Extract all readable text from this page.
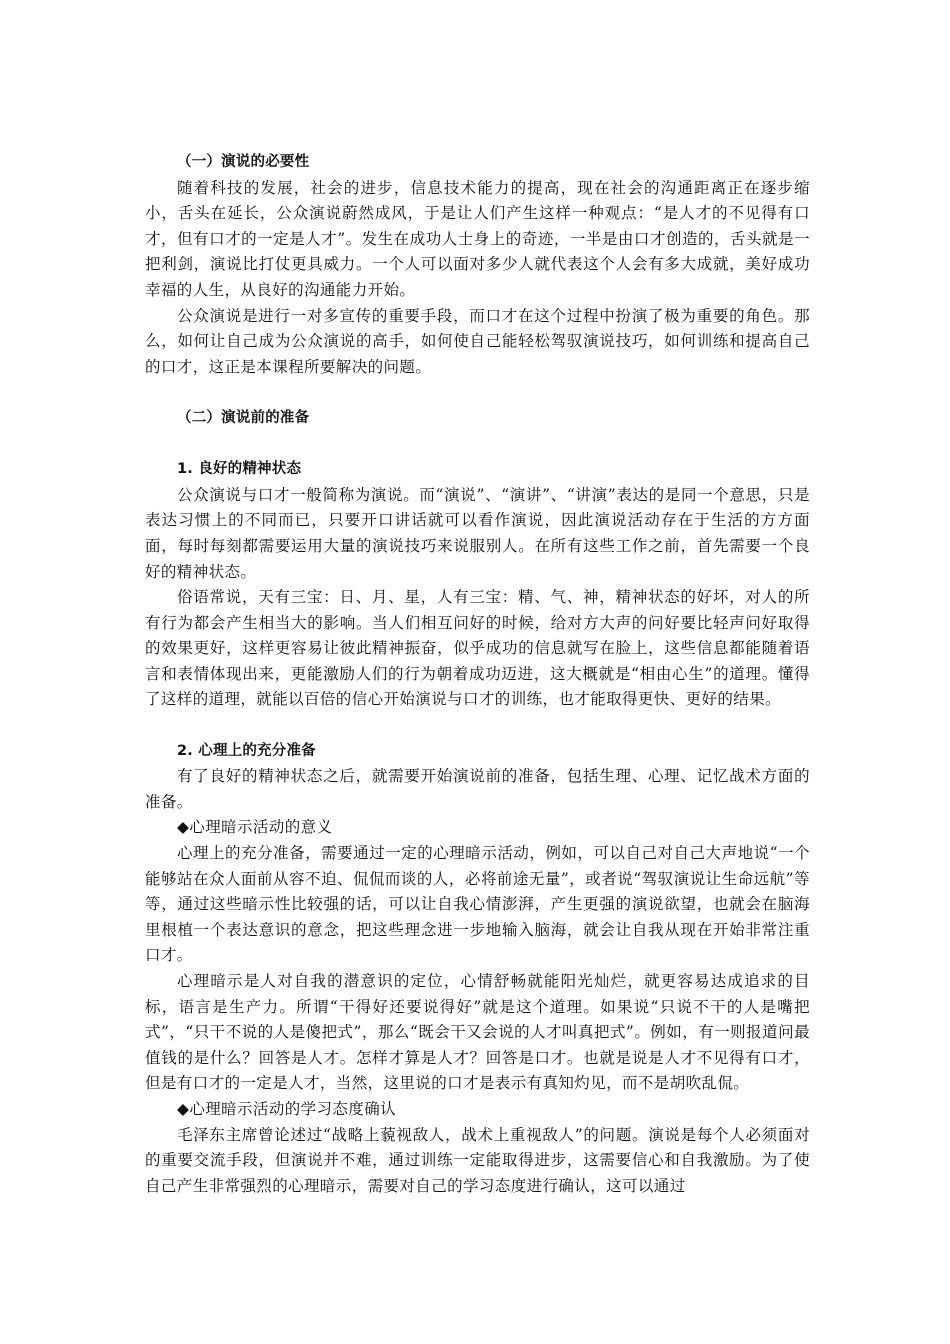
（一）演说的必要性

随着科技的发展，社会的进步，信息技术能力的提高，现在社会的沟通距离正在逐步缩小，舌头在延长，公众演说蔚然成风，于是让人们产生这样一种观点：“是人才的不见得有口才，但有口才的一定是人才”。发生在成功人士身上的奇迹，一半是由口才创造的，舌头就是一把利剑，演说比打仗更具威力。一个人可以面对多少人就代表这个人会有多大成就，美好成功幸福的人生，从良好的沟通能力开始。

公众演说是进行一对多宣传的重要手段，而口才在这个过程中扮演了极为重要的角色。那么，如何让自己成为公众演说的高手，如何使自己能轻松驾驭演说技巧，如何训练和提高自己的口才，这正是本课程所要解决的问题。

（二）演说前的准备
1. 良好的精神状态

公众演说与口才一般简称为演说。而“演说”、“演讲”、“讲演”表达的是同一个意思，只是表达习惯上的不同而已，只要开口讲话就可以看作演说，因此演说活动存在于生活的方方面面，每时每刻都需要运用大量的演说技巧来说服别人。在所有这些工作之前，首先需要一个良好的精神状态。

俗语常说，天有三宝：日、月、星，人有三宝：精、气、神，精神状态的好坏，对人的所有行为都会产生相当大的影响。当人们相互问好的时候，给对方大声的问好要比轻声问好取得的效果更好，这样更容易让彼此精神振奋，似乎成功的信息就写在脸上，这些信息都能随着语言和表情体现出来，更能激励人们的行为朝着成功迈进，这大概就是“相由心生”的道理。懂得了这样的道理，就能以百倍的信心开始演说与口才的训练，也才能取得更快、更好的结果。

2. 心理上的充分准备

有了良好的精神状态之后，就需要开始演说前的准备，包括生理、心理、记忆战术方面的准备。

◆心理暗示活动的意义

心理上的充分准备，需要通过一定的心理暗示活动，例如，可以自己对自己大声地说“一个能够站在众人面前从容不迫、侃侃而谈的人，必将前途无量”，或者说“驾驭演说让生命远航”等等，通过这些暗示性比较强的话，可以让自我心情澎湃，产生更强的演说欲望，也就会在脑海里根植一个表达意识的意念，把这些理念进一步地输入脑海，就会让自我从现在开始非常注重口才。

心理暗示是人对自我的潜意识的定位，心情舒畅就能阳光灿烂，就更容易达成追求的目标，语言是生产力。所谓“干得好还要说得好”就是这个道理。如果说“只说不干的人是嘴把式”，“只干不说的人是傻把式”，那么“既会干又会说的人才叫真把式”。例如，有一则报道问最值钱的是什么？回答是人才。怎样才算是人才？回答是口才。也就是说是人才不见得有口才，但是有口才的一定是人才，当然，这里说的口才是表示有真知灼见，而不是胡吹乱侃。

◆心理暗示活动的学习态度确认

毛泽东主席曾论述过“战略上藐视敌人，战术上重视敌人”的问题。演说是每个人必须面对的重要交流手段，但演说并不难，通过训练一定能取得进步，这需要信心和自我激励。为了使自己产生非常强烈的心理暗示，需要对自己的学习态度进行确认，这可以通过
